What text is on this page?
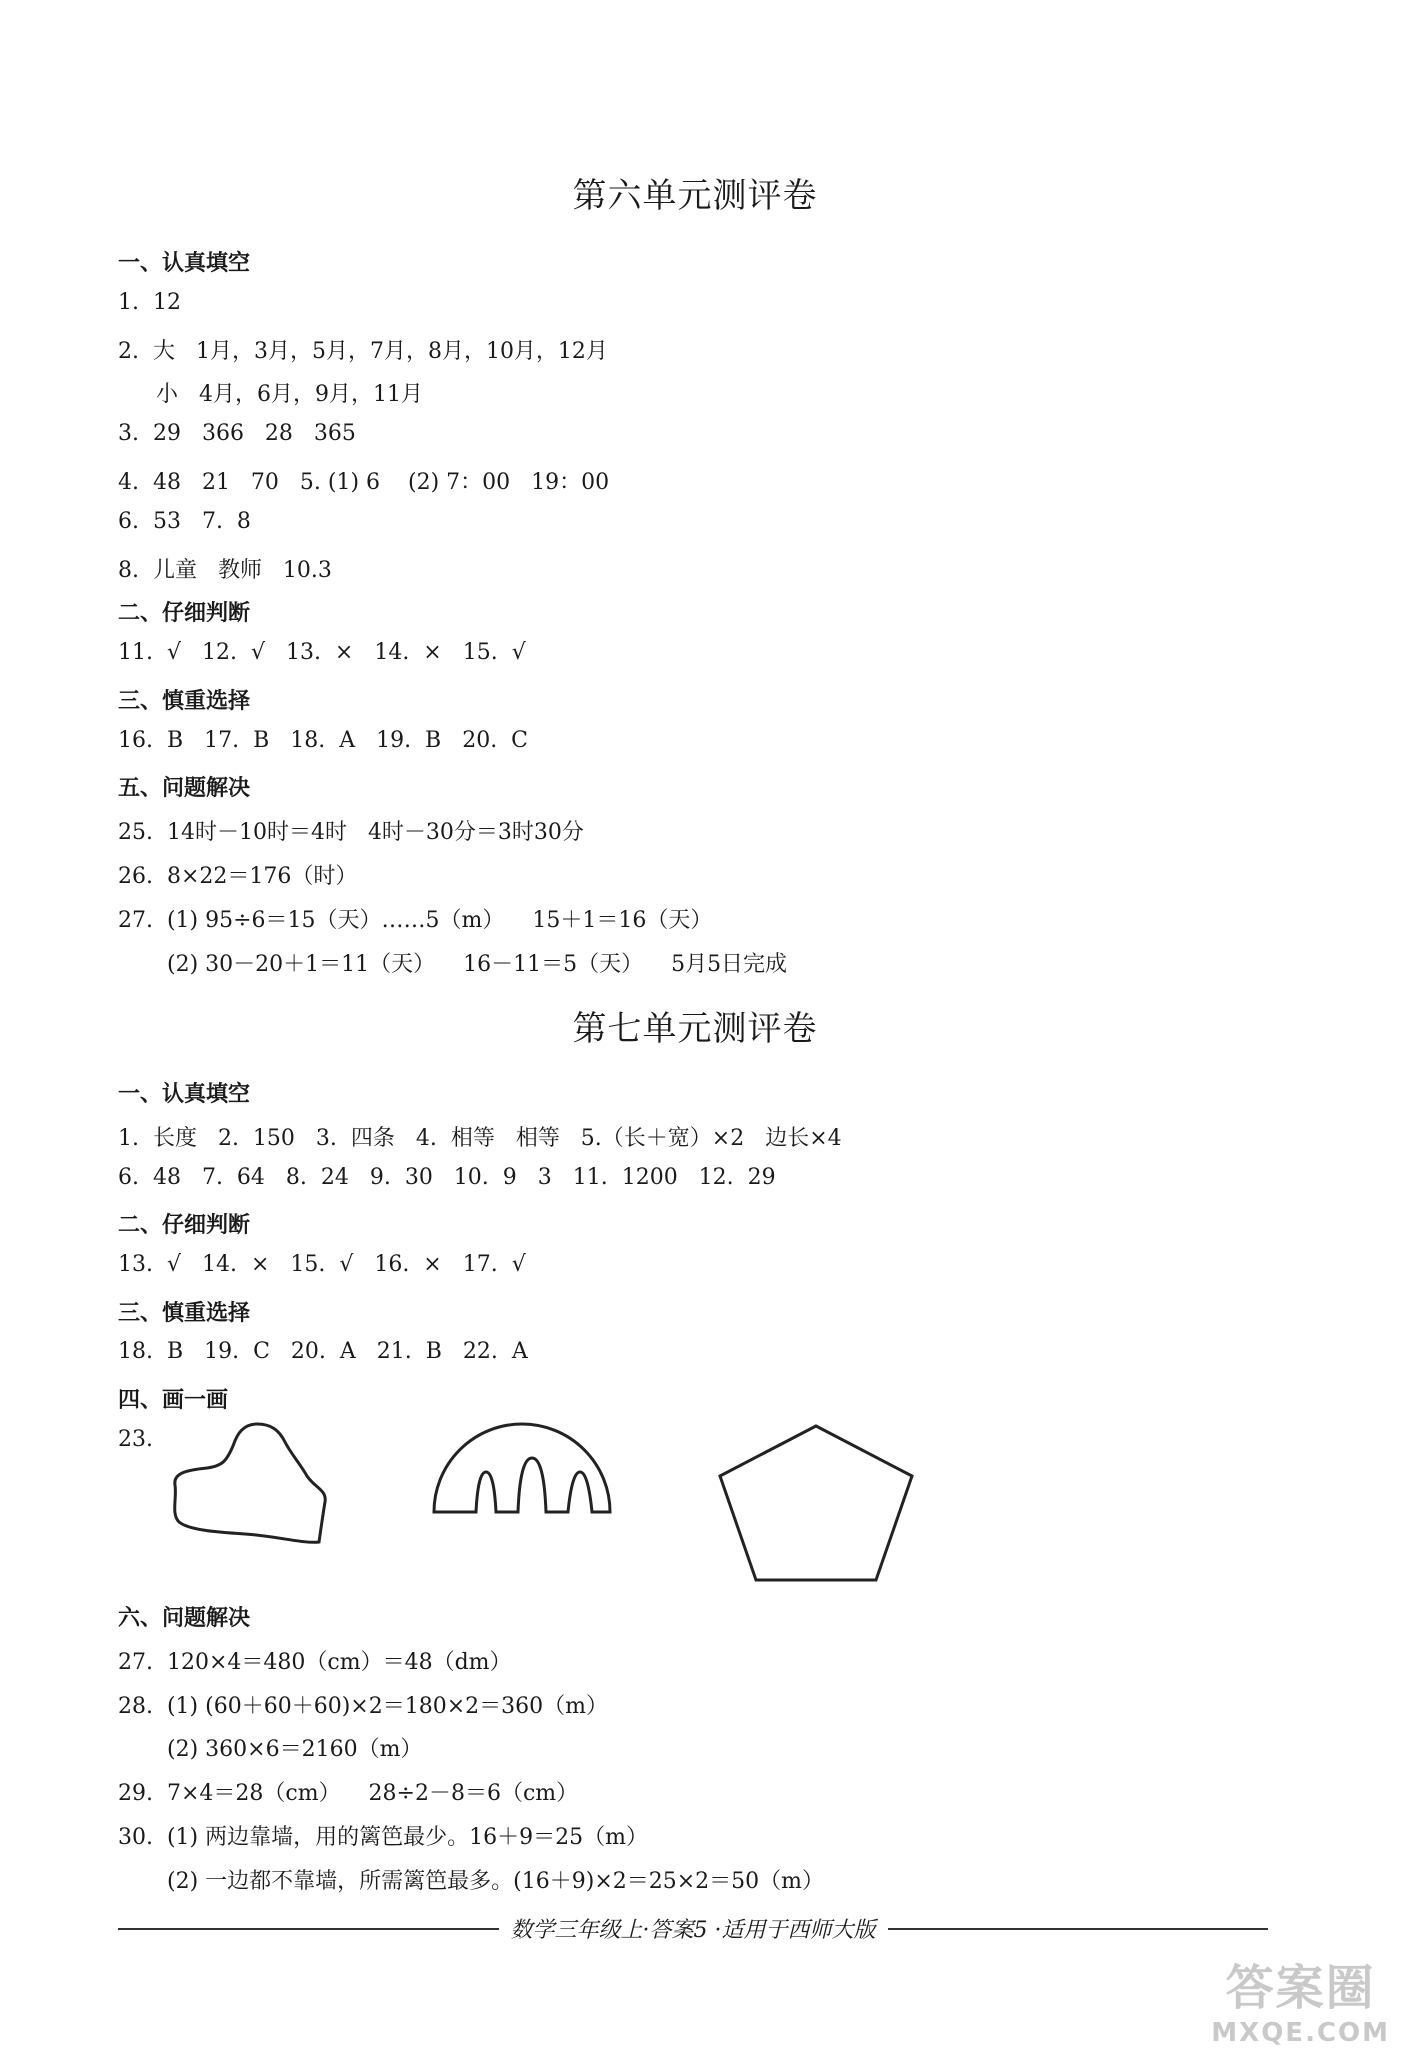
第六单元测评卷
一、认真填空
1.  12
2.  大   1月，3月，5月，7月，8月，10月，12月
小   4月，6月，9月，11月
3.  29   366   28   365
4.  48   21   70   5. (1) 6    (2) 7：00   19：00
6.  53   7.  8
8.  儿童   教师   10.3
二、仔细判断
11.  √   12.  √   13.  ×   14.  ×   15.  √
三、慎重选择
16.  B   17.  B   18.  A   19.  B   20.  C
五、问题解决
25.  14时－10时＝4时   4时－30分＝3时30分
26.  8×22＝176（时）
27.  (1) 95÷6＝15（天）……5（m）    15＋1＝16（天）
(2) 30－20＋1＝11（天）    16－11＝5（天）    5月5日完成
第七单元测评卷
一、认真填空
1.  长度   2.  150   3.  四条   4.  相等   相等   5.（长＋宽）×2   边长×4
6.  48   7.  64   8.  24   9.  30   10.  9   3   11.  1200   12.  29
二、仔细判断
13.  √   14.  ×   15.  √   16.  ×   17.  √
三、慎重选择
18.  B   19.  C   20.  A   21.  B   22.  A
四、画一画
23.
六、问题解决
27.  120×4＝480（cm）＝48（dm）
28.  (1) (60＋60＋60)×2＝180×2＝360（m）
(2) 360×6＝2160（m）
29.  7×4＝28（cm）    28÷2－8＝6（cm）
30.  (1) 两边靠墙，用的篱笆最少。16＋9＝25（m）
(2) 一边都不靠墙，所需篱笆最多。(16＋9)×2＝25×2＝50（m）
数学三年级上·答案5 ·适用于西师大版
答案圈
MXQE.COM
